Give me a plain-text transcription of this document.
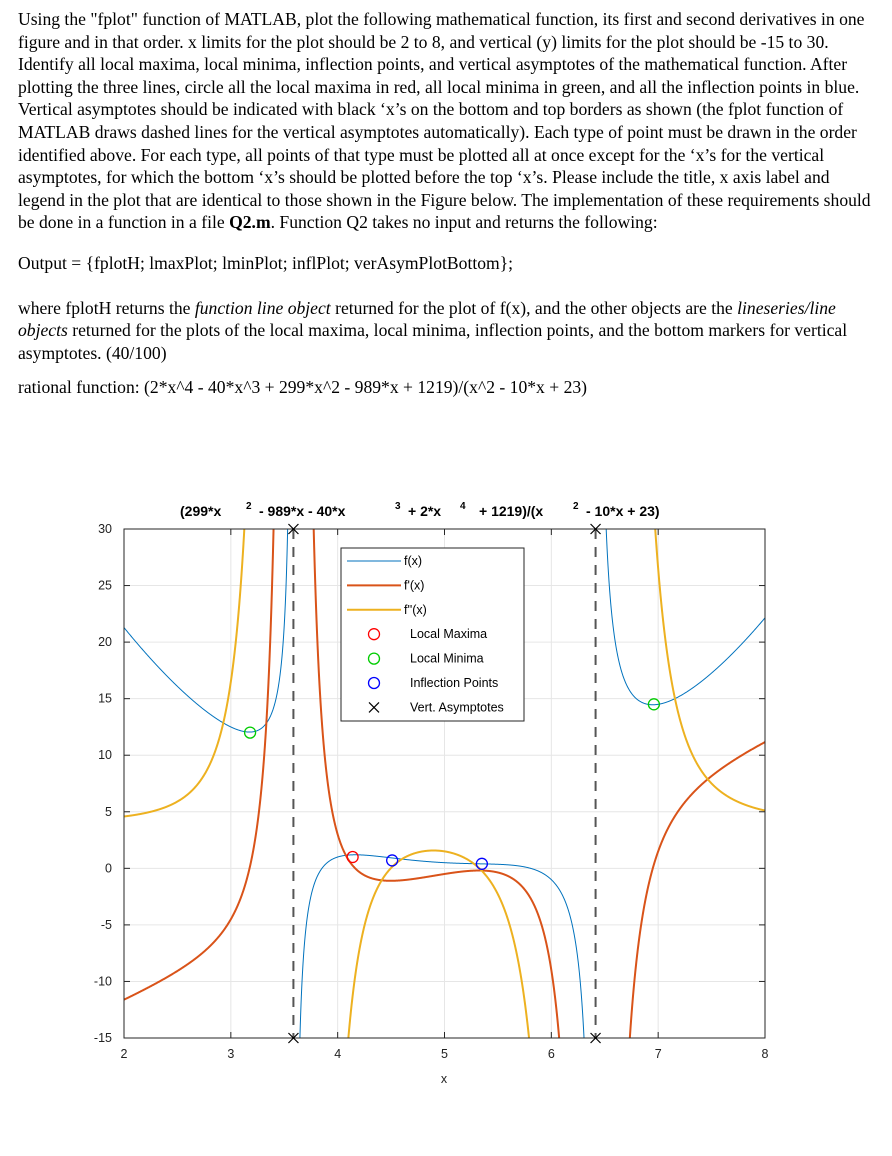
Using the "fplot" function of MATLAB, plot the following mathematical function, its first and second derivatives in one figure and in that order. x limits for the plot should be 2 to 8, and vertical (y) limits for the plot should be -15 to 30. Identify all local maxima, local minima, inflection points, and vertical asymptotes of the mathematical function. After plotting the three lines, circle all the local maxima in red, all local minima in green, and all the inflection points in blue. Vertical asymptotes should be indicated with black ‘x’s on the bottom and top borders as shown (the fplot function of MATLAB draws dashed lines for the vertical asymptotes automatically). Each type of point must be drawn in the order identified above. For each type, all points of that type must be plotted all at once except for the ‘x’s for the vertical asymptotes, for which the bottom ‘x’s should be plotted before the top ‘x’s. Please include the title, x axis label and legend in the plot that are identical to those shown in the Figure below. The implementation of these requirements should be done in a function in a file Q2.m. Function Q2 takes no input and returns the following:

Output = {fplotH; lmaxPlot; lminPlot; inflPlot; verAsymPlotBottom};

where fplotH returns the function line object returned for the plot of f(x), and the other objects are the lineseries/line objects returned for the plots of the local maxima, local minima, inflection points, and the bottom markers for vertical asymptotes. (40/100)

rational function: (2*x^4 - 40*x^3 + 299*x^2 - 989*x + 1219)/(x^2 - 10*x + 23)

2	3	4	5	6	7	8
-15
-10
-5
0
5
10
15
20
25
30
(299*x 2 - 989*x - 40*x	3 + 2*x 4 + 1219)/(x	2 - 10*x + 23)
x
f(x)
f'(x)
f''(x)
Local Maxima
Local Minima
Inflection Points
Vert. Asymptotes
